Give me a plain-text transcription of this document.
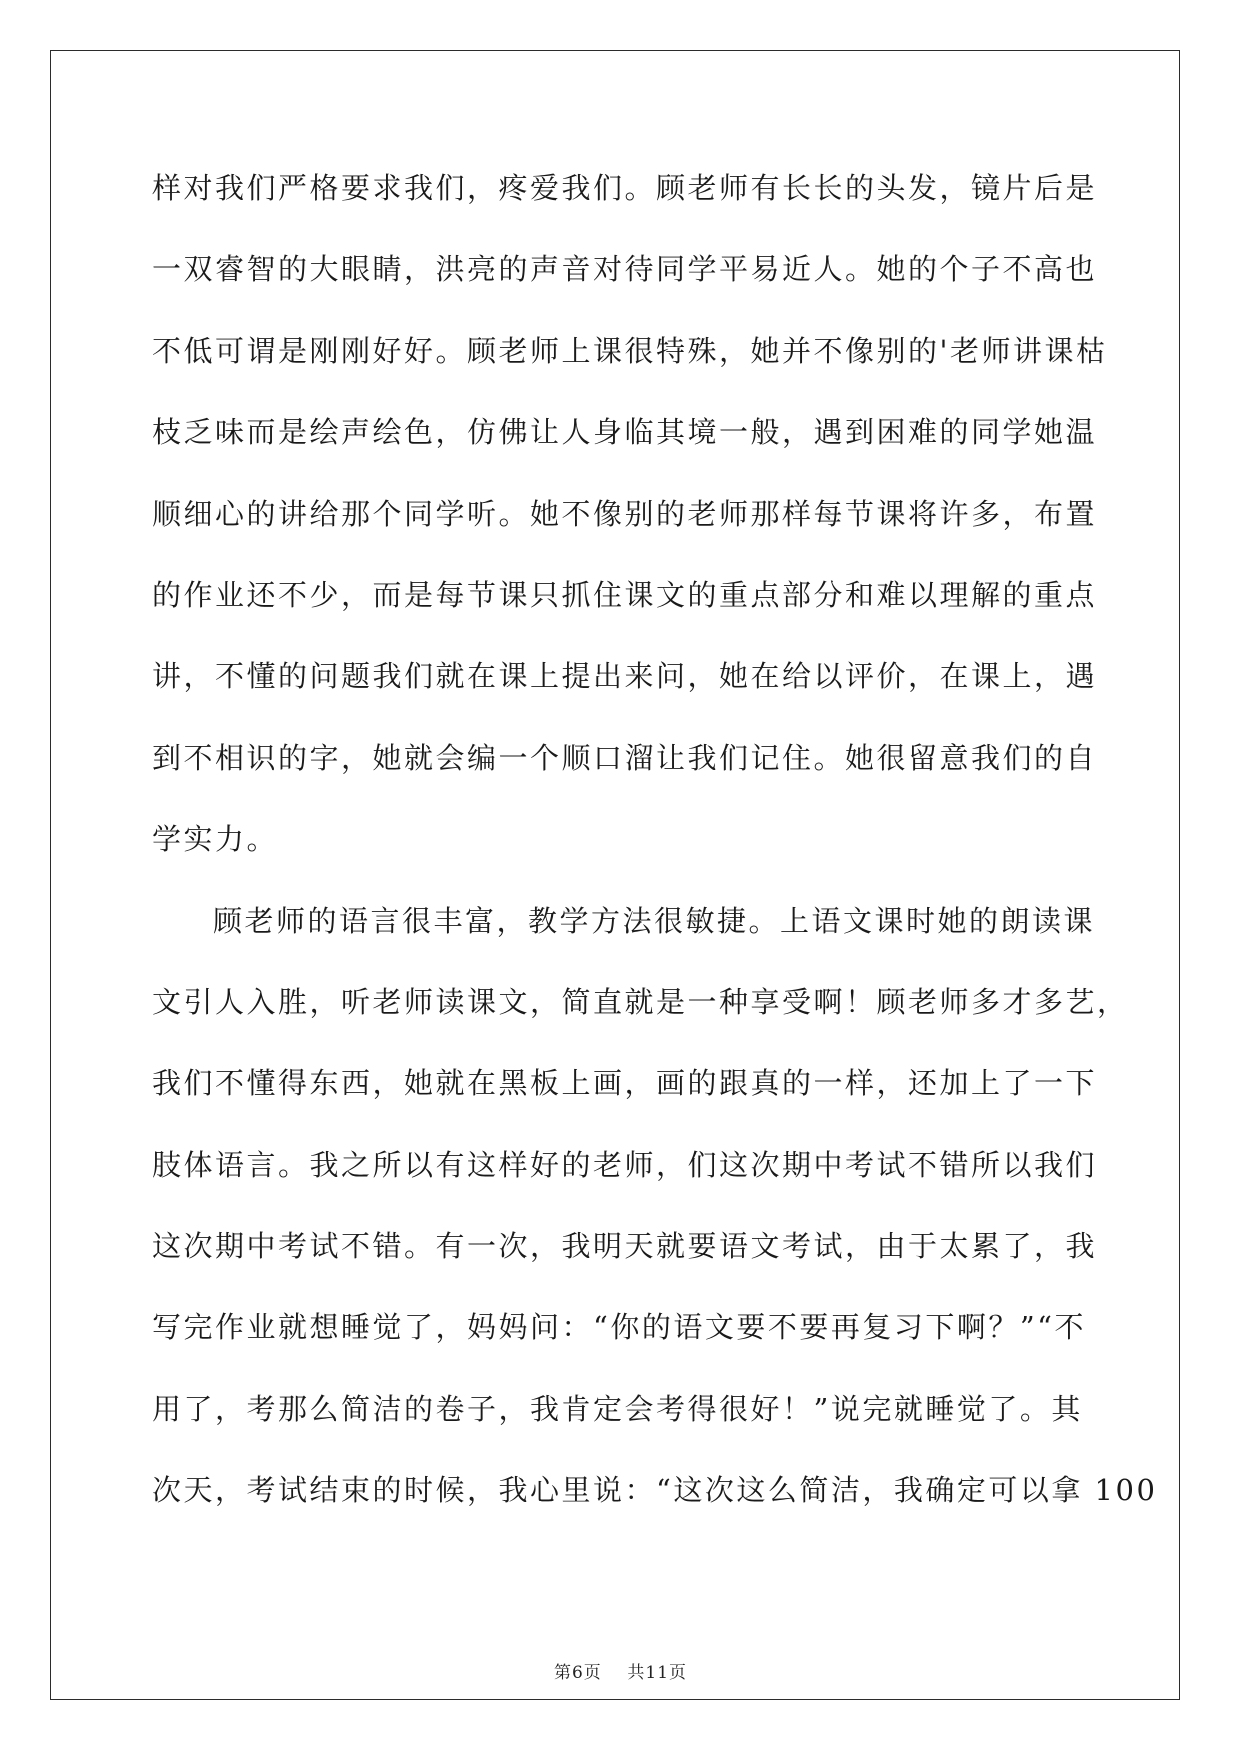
样对我们严格要求我们，疼爱我们。顾老师有长长的头发，镜片后是
一双睿智的大眼睛，洪亮的声音对待同学平易近人。她的个子不高也
不低可谓是刚刚好好。顾老师上课很特殊，她并不像别的'老师讲课枯
枝乏味而是绘声绘色，仿佛让人身临其境一般，遇到困难的同学她温
顺细心的讲给那个同学听。她不像别的老师那样每节课将许多，布置
的作业还不少，而是每节课只抓住课文的重点部分和难以理解的重点
讲，不懂的问题我们就在课上提出来问，她在给以评价，在课上，遇
到不相识的字，她就会编一个顺口溜让我们记住。她很留意我们的自
学实力。
顾老师的语言很丰富，教学方法很敏捷。上语文课时她的朗读课
文引人入胜，听老师读课文，简直就是一种享受啊！顾老师多才多艺，
我们不懂得东西，她就在黑板上画，画的跟真的一样，还加上了一下
肢体语言。我之所以有这样好的老师，们这次期中考试不错所以我们
这次期中考试不错。有一次，我明天就要语文考试，由于太累了，我
写完作业就想睡觉了，妈妈问：“你的语文要不要再复习下啊？”“不
用了，考那么简洁的卷子，我肯定会考得很好！”说完就睡觉了。其
次天，考试结束的时候，我心里说：“这次这么简洁，我确定可以拿 100
第6页 共11页
